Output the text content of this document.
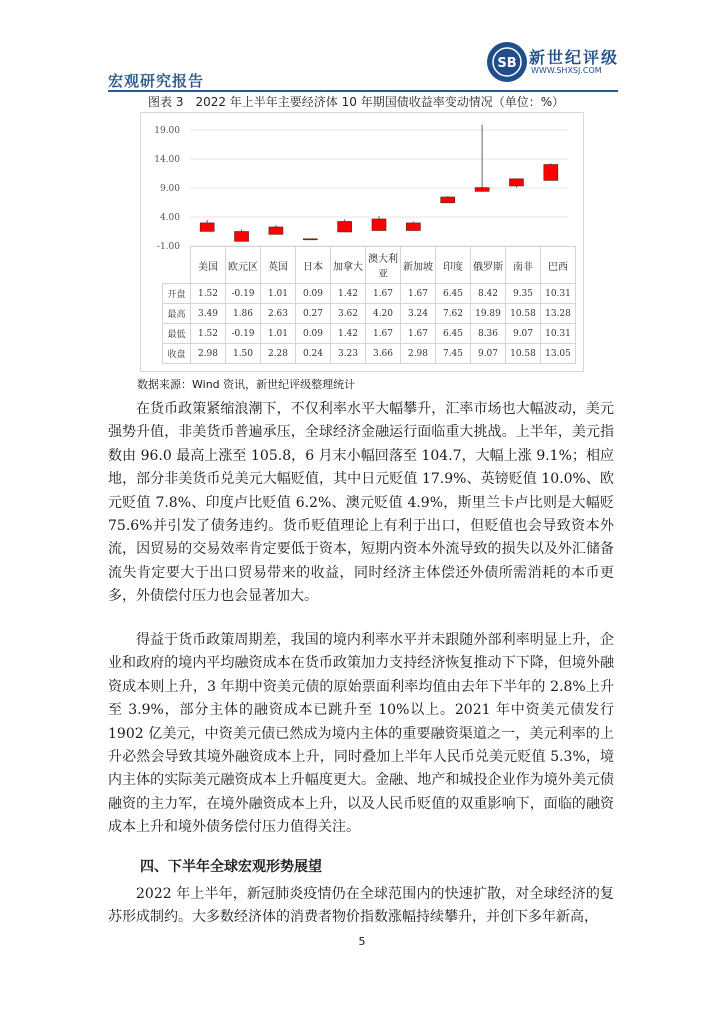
SB 新世纪评级
WWW.SHXSJ.COM
宏观研究报告
图表 3　2022 年上半年主要经济体 10 年期国债收益率变动情况（单位：%）
19.00
14.00
9.00
4.00
-1.00
	美国	欧元区	英国	日本	加拿大	澳大利
亚	新加坡	印度	俄罗斯	南非	巴西
开盘	1.52	-0.19	1.01	0.09	1.42	1.67	1.67	6.45	8.42	9.35	10.31
最高	3.49	1.86	2.63	0.27	3.62	4.20	3.24	7.62	19.89	10.58	13.28
最低	1.52	-0.19	1.01	0.09	1.42	1.67	1.67	6.45	8.36	9.07	10.31
收盘	2.98	1.50	2.28	0.24	3.23	3.66	2.98	7.45	9.07	10.58	13.05
数据来源：Wind 资讯，新世纪评级整理统计

在货币政策紧缩浪潮下，不仅利率水平大幅攀升，汇率市场也大幅波动，美元强势升值，非美货币普遍承压，全球经济金融运行面临重大挑战。上半年，美元指数由 96.0 最高上涨至 105.8，6 月末小幅回落至 104.7，大幅上涨 9.1%；相应地，部分非美货币兑美元大幅贬值，其中日元贬值 17.9%、英镑贬值 10.0%、欧元贬值 7.8%、印度卢比贬值 6.2%、澳元贬值 4.9%，斯里兰卡卢比则是大幅贬 75.6%并引发了债务违约。货币贬值理论上有利于出口，但贬值也会导致资本外流，因贸易的交易效率肯定要低于资本，短期内资本外流导致的损失以及外汇储备流失肯定要大于出口贸易带来的收益，同时经济主体偿还外债所需消耗的本币更多，外债偿付压力也会显著加大。

得益于货币政策周期差，我国的境内利率水平并未跟随外部利率明显上升，企业和政府的境内平均融资成本在货币政策加力支持经济恢复推动下下降，但境外融资成本则上升，3 年期中资美元债的原始票面利率均值由去年下半年的 2.8%上升至 3.9%，部分主体的融资成本已跳升至 10%以上。2021 年中资美元债发行 1902 亿美元，中资美元债已然成为境内主体的重要融资渠道之一，美元利率的上升必然会导致其境外融资成本上升，同时叠加上半年人民币兑美元贬值 5.3%，境内主体的实际美元融资成本上升幅度更大。金融、地产和城投企业作为境外美元债融资的主力军，在境外融资成本上升，以及人民币贬值的双重影响下，面临的融资成本上升和境外债务偿付压力值得关注。

四、下半年全球宏观形势展望

2022 年上半年，新冠肺炎疫情仍在全球范围内的快速扩散，对全球经济的复苏形成制约。大多数经济体的消费者物价指数涨幅持续攀升，并创下多年新高，

5
